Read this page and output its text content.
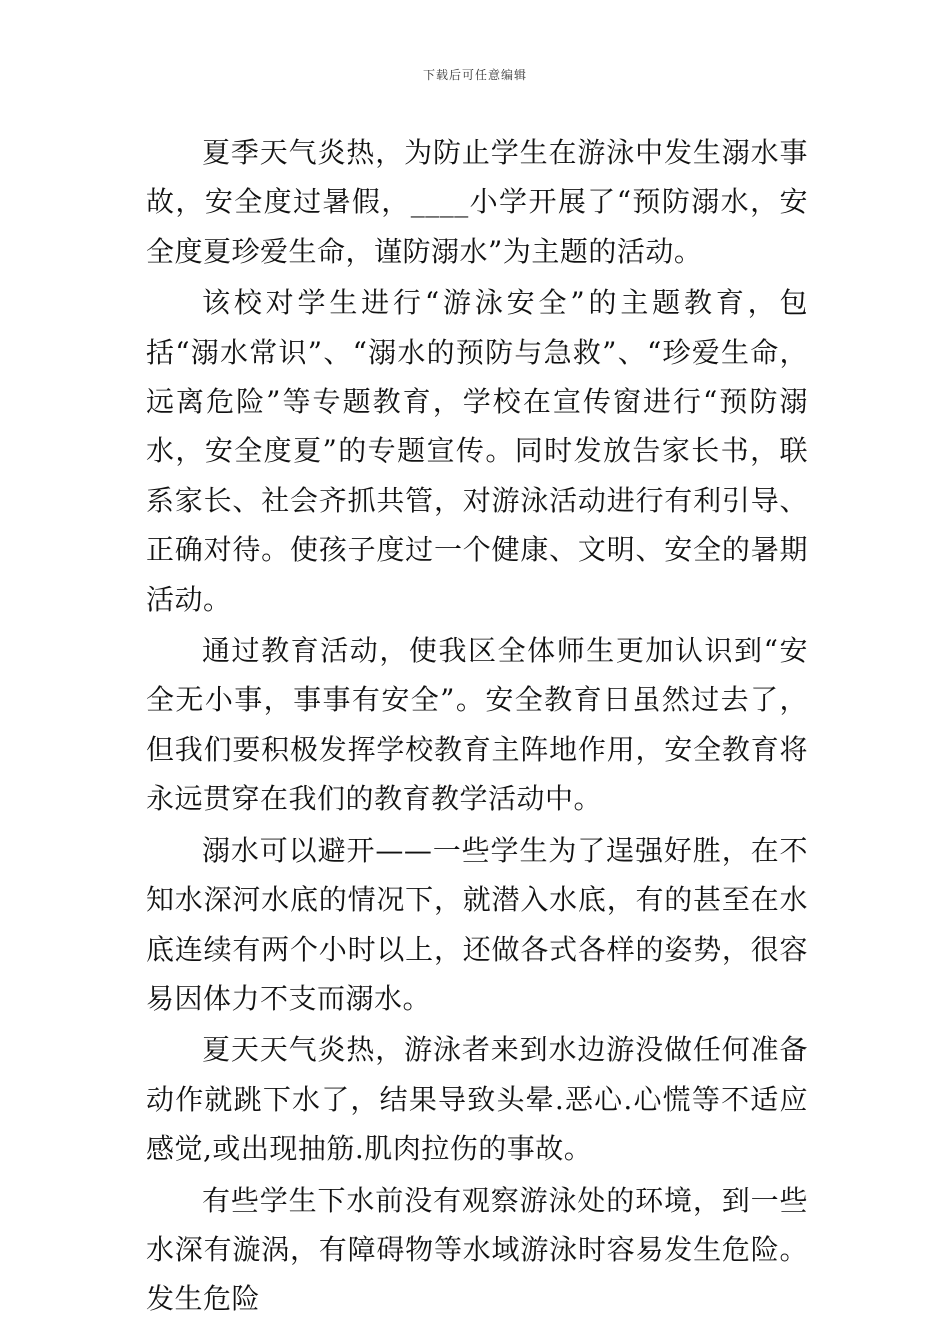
下载后可任意编辑

夏季天气炎热，为防止学生在游泳中发生溺水事故，安全度过暑假，____小学开展了“预防溺水，安全度夏珍爱生命，谨防溺水”为主题的活动。

该校对学生进行“游泳安全”的主题教育，包括“溺水常识”、“溺水的预防与急救”、“珍爱生命，远离危险”等专题教育，学校在宣传窗进行“预防溺水，安全度夏”的专题宣传。同时发放告家长书，联系家长、社会齐抓共管，对游泳活动进行有利引导、正确对待。使孩子度过一个健康、文明、安全的暑期活动。

通过教育活动，使我区全体师生更加认识到“安全无小事，事事有安全”。安全教育日虽然过去了，但我们要积极发挥学校教育主阵地作用，安全教育将永远贯穿在我们的教育教学活动中。

溺水可以避开——一些学生为了逞强好胜，在不知水深河水底的情况下，就潜入水底，有的甚至在水底连续有两个小时以上，还做各式各样的姿势，很容易因体力不支而溺水。

夏天天气炎热，游泳者来到水边游没做任何准备动作就跳下水了，结果导致头晕.恶心.心慌等不适应感觉,或出现抽筋.肌肉拉伤的事故。

有些学生下水前没有观察游泳处的环境，到一些水深有漩涡，有障碍物等水域游泳时容易发生危险。发生危险
